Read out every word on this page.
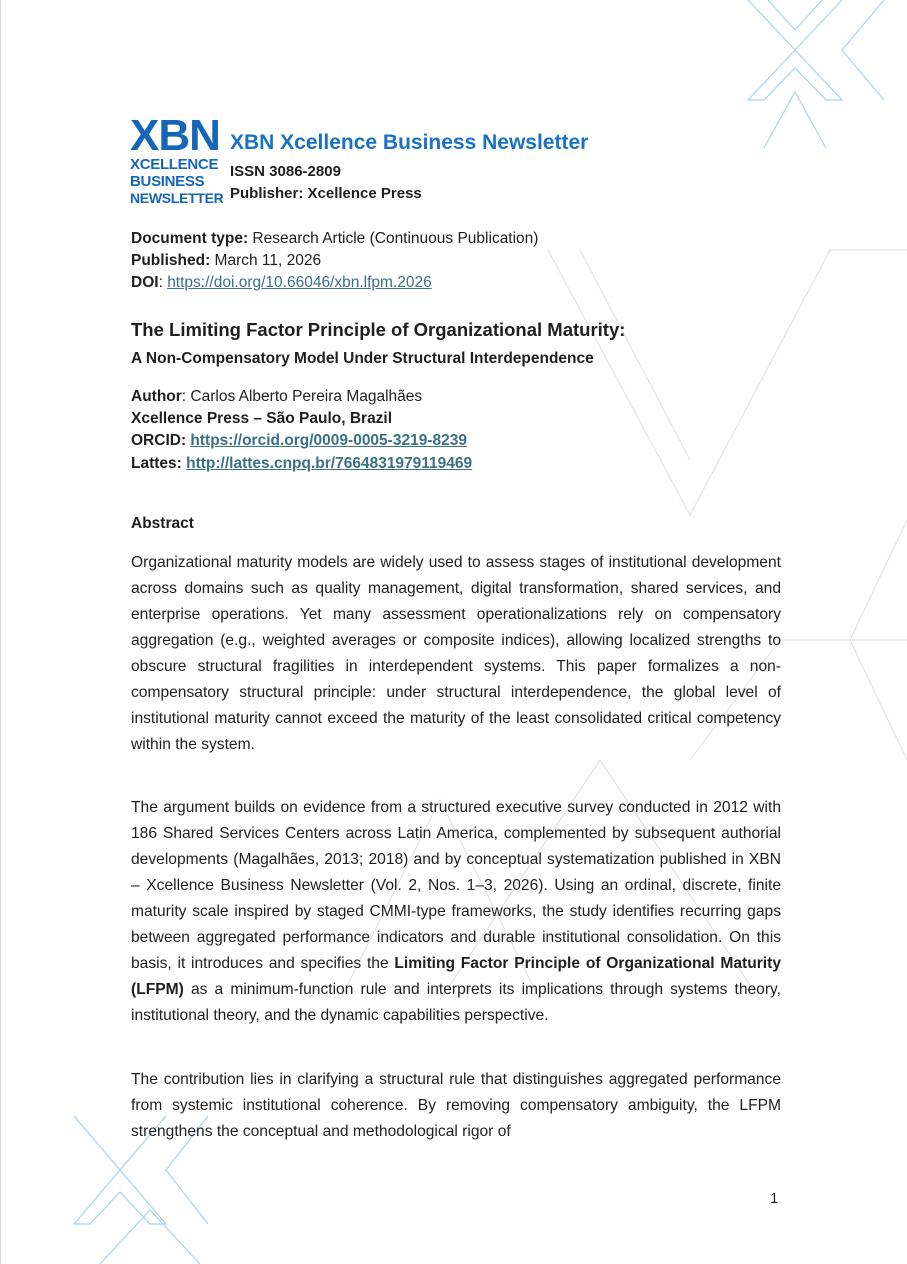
XBN
XCELLENCE
BUSINESS
NEWSLETTER
XBN Xcellence Business Newsletter
ISSN 3086-2809
Publisher: Xcellence Press
Document type: Research Article (Continuous Publication)
Published: March 11, 2026
DOI: https://doi.org/10.66046/xbn.lfpm.2026
The Limiting Factor Principle of Organizational Maturity:
A Non-Compensatory Model Under Structural Interdependence
Author: Carlos Alberto Pereira Magalhães
Xcellence Press – São Paulo, Brazil
ORCID: https://orcid.org/0009-0005-3219-8239
Lattes: http://lattes.cnpq.br/7664831979119469
Abstract
Organizational maturity models are widely used to assess stages of institutional development across domains such as quality management, digital transformation, shared services, and enterprise operations. Yet many assessment operationalizations rely on compensatory aggregation (e.g., weighted averages or composite indices), allowing localized strengths to obscure structural fragilities in interdependent systems. This paper formalizes a non-compensatory structural principle: under structural interdependence, the global level of institutional maturity cannot exceed the maturity of the least consolidated critical competency within the system.
The argument builds on evidence from a structured executive survey conducted in 2012 with 186 Shared Services Centers across Latin America, complemented by subsequent authorial developments (Magalhães, 2013; 2018) and by conceptual systematization published in XBN – Xcellence Business Newsletter (Vol. 2, Nos. 1–3, 2026). Using an ordinal, discrete, finite maturity scale inspired by staged CMMI-type frameworks, the study identifies recurring gaps between aggregated performance indicators and durable institutional consolidation. On this basis, it introduces and specifies the Limiting Factor Principle of Organizational Maturity (LFPM) as a minimum-function rule and interprets its implications through systems theory, institutional theory, and the dynamic capabilities perspective.
The contribution lies in clarifying a structural rule that distinguishes aggregated performance from systemic institutional coherence. By removing compensatory ambiguity, the LFPM strengthens the conceptual and methodological rigor of
1
